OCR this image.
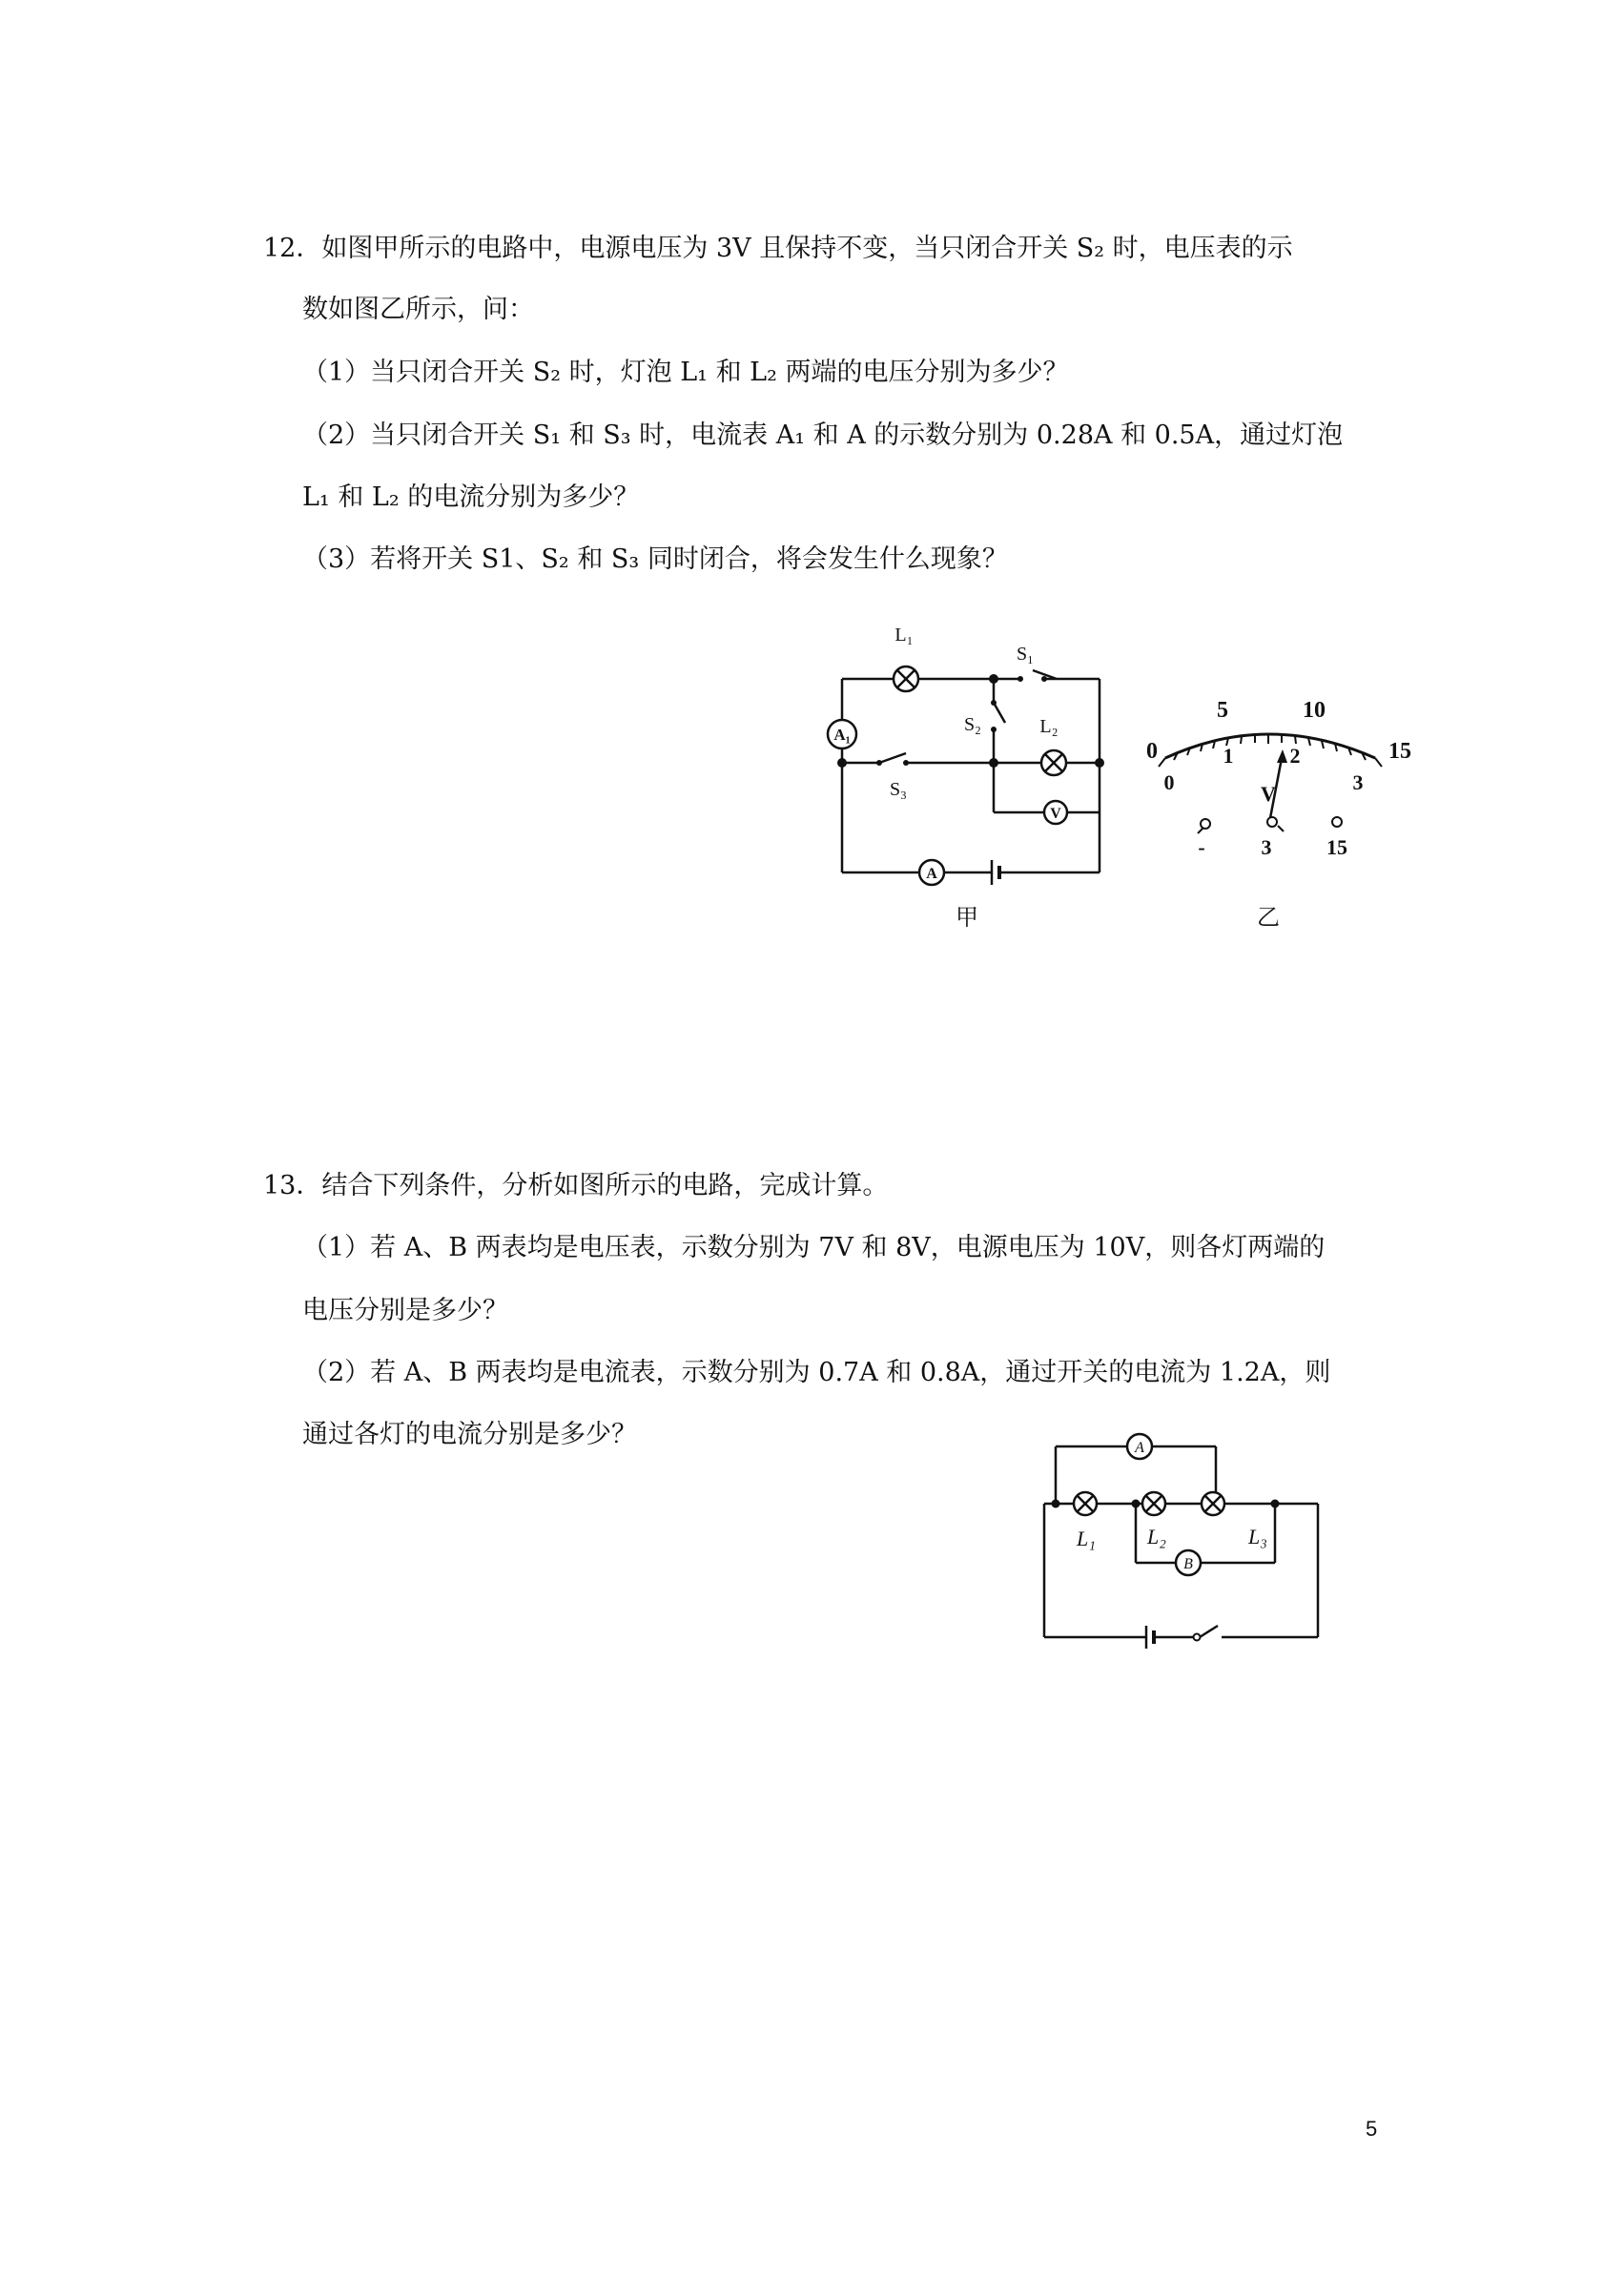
12．如图甲所示的电路中，电源电压为 3V 且保持不变，当只闭合开关 S₂ 时，电压表的示
数如图乙所示，问：
（1）当只闭合开关 S₂ 时，灯泡 L₁ 和 L₂ 两端的电压分别为多少？
（2）当只闭合开关 S₁ 和 S₃ 时，电流表 A₁ 和 A 的示数分别为 0.28A 和 0.5A，通过灯泡
L₁ 和 L₂ 的电流分别为多少？
（3）若将开关 S1、S₂ 和 S₃ 同时闭合，将会发生什么现象？
A₁
V
A
L₁
S₁
S₂	L₂
S₃
甲
0
5	10
15
0
1	2
3
V
-	3	15
乙
13．结合下列条件，分析如图所示的电路，完成计算。
（1）若 A、B 两表均是电压表，示数分别为 7V 和 8V，电源电压为 10V，则各灯两端的
电压分别是多少？
（2）若 A、B 两表均是电流表，示数分别为 0.7A 和 0.8A，通过开关的电流为 1.2A，则
通过各灯的电流分别是多少？	A
B
L₁ L₂	L₃
5
